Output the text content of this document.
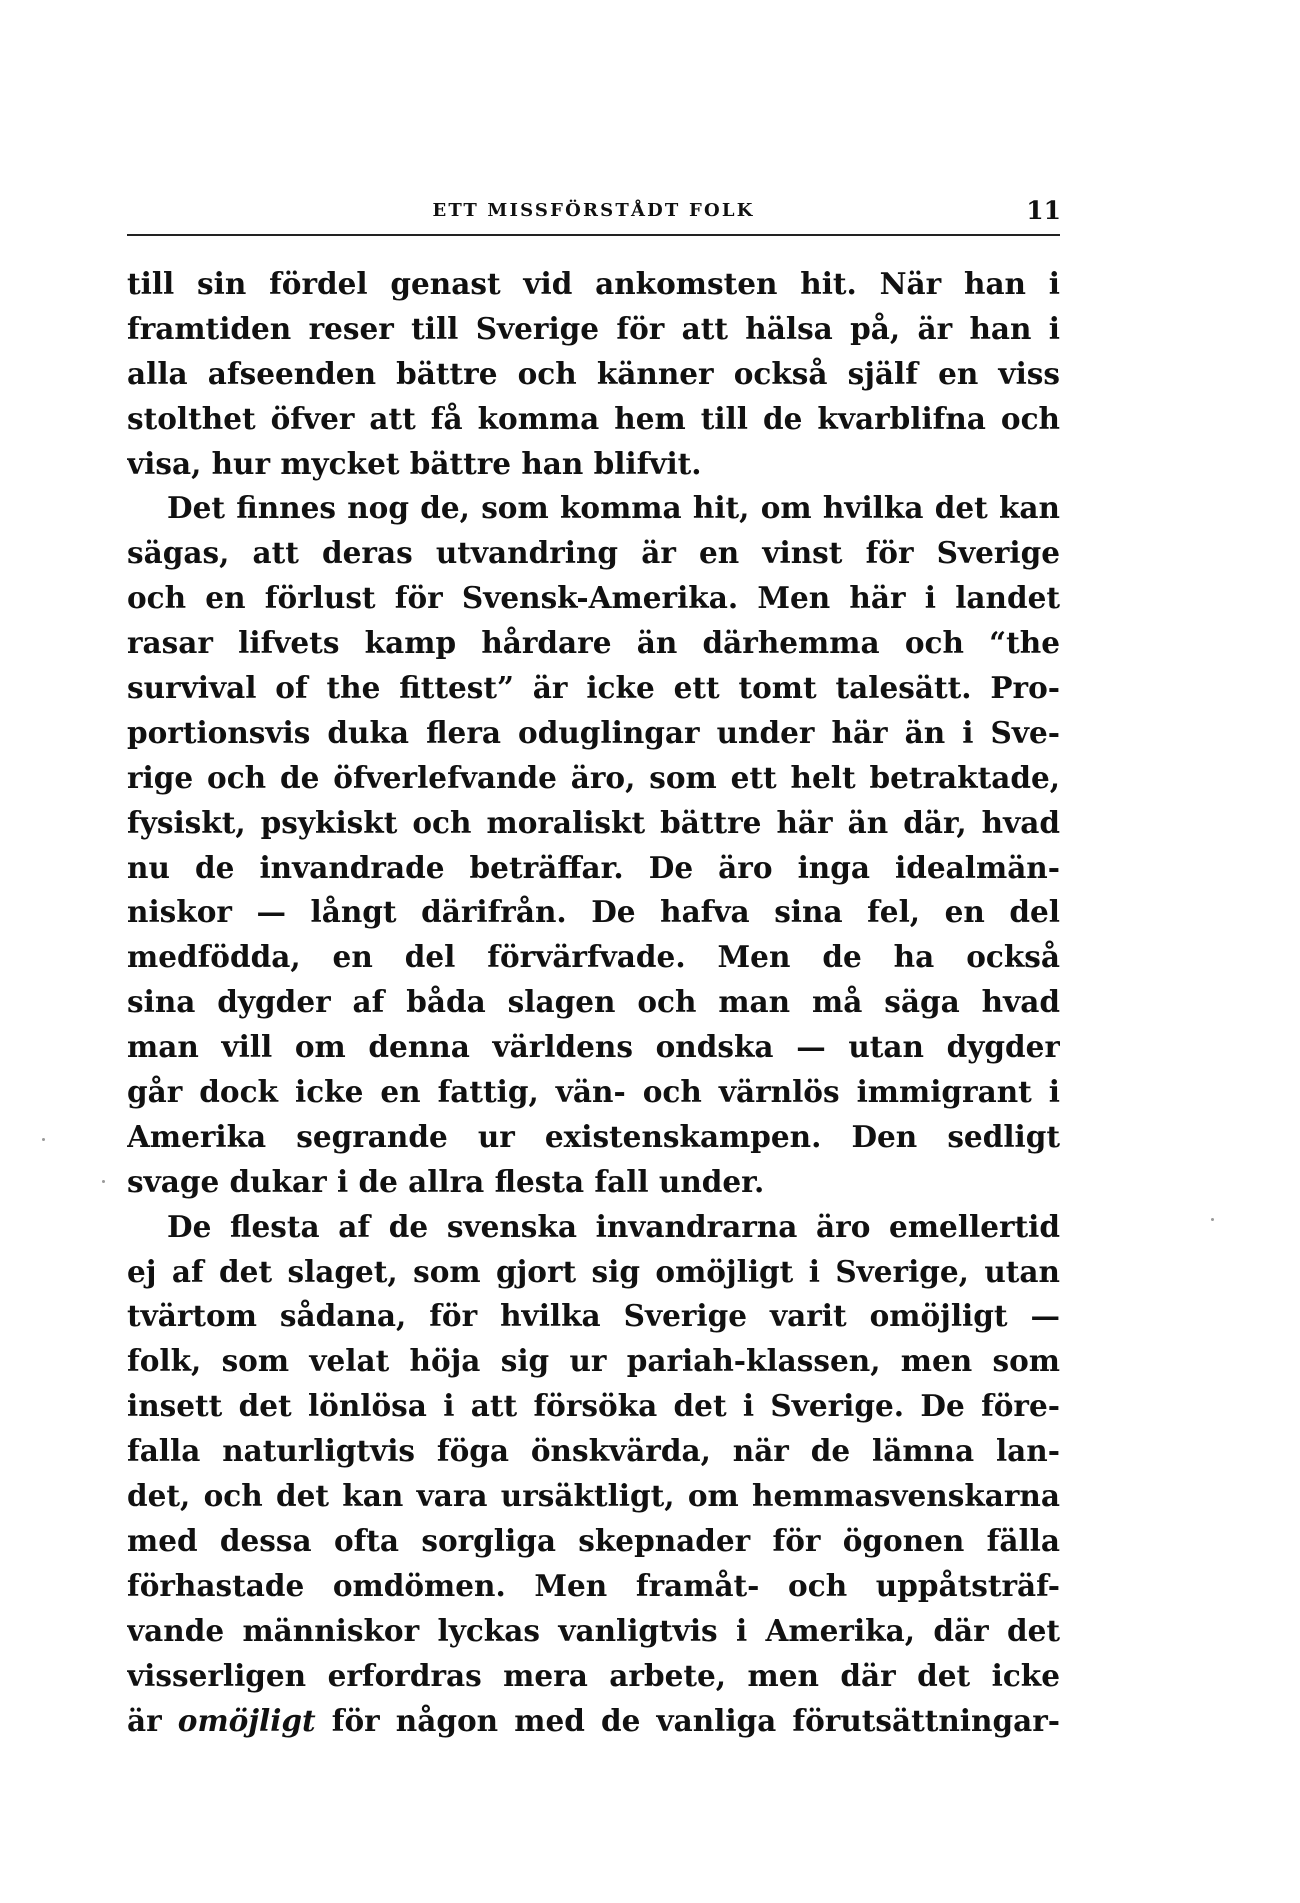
ETT MISSFÖRSTÅDT FOLK	11
till sin fördel genast vid ankomsten hit. När han i
framtiden reser till Sverige för att hälsa på, är han i
alla afseenden bättre och känner också själf en viss
stolthet öfver att få komma hem till de kvarblifna och
visa, hur mycket bättre han blifvit.
Det finnes nog de, som komma hit, om hvilka det kan
sägas, att deras utvandring är en vinst för Sverige
och en förlust för Svensk-Amerika. Men här i landet
rasar lifvets kamp hårdare än därhemma och “the
survival of the fittest” är icke ett tomt talesätt. Pro-
portionsvis duka flera oduglingar under här än i Sve-
rige och de öfverlefvande äro, som ett helt betraktade,
fysiskt, psykiskt och moraliskt bättre här än där, hvad
nu de invandrade beträffar. De äro inga idealmän-
niskor — långt därifrån. De hafva sina fel, en del
medfödda, en del förvärfvade. Men de ha också
sina dygder af båda slagen och man må säga hvad
man vill om denna världens ondska — utan dygder
går dock icke en fattig, vän- och värnlös immigrant i
Amerika segrande ur existenskampen. Den sedligt
svage dukar i de allra flesta fall under.
De flesta af de svenska invandrarna äro emellertid
ej af det slaget, som gjort sig omöjligt i Sverige, utan
tvärtom sådana, för hvilka Sverige varit omöjligt —
folk, som velat höja sig ur pariah-klassen, men som
insett det lönlösa i att försöka det i Sverige. De före-
falla naturligtvis föga önskvärda, när de lämna lan-
det, och det kan vara ursäktligt, om hemmasvenskarna
med dessa ofta sorgliga skepnader för ögonen fälla
förhastade omdömen. Men framåt- och uppåtsträf-
vande människor lyckas vanligtvis i Amerika, där det
visserligen erfordras mera arbete, men där det icke
är omöjligt för någon med de vanliga förutsättningar-
